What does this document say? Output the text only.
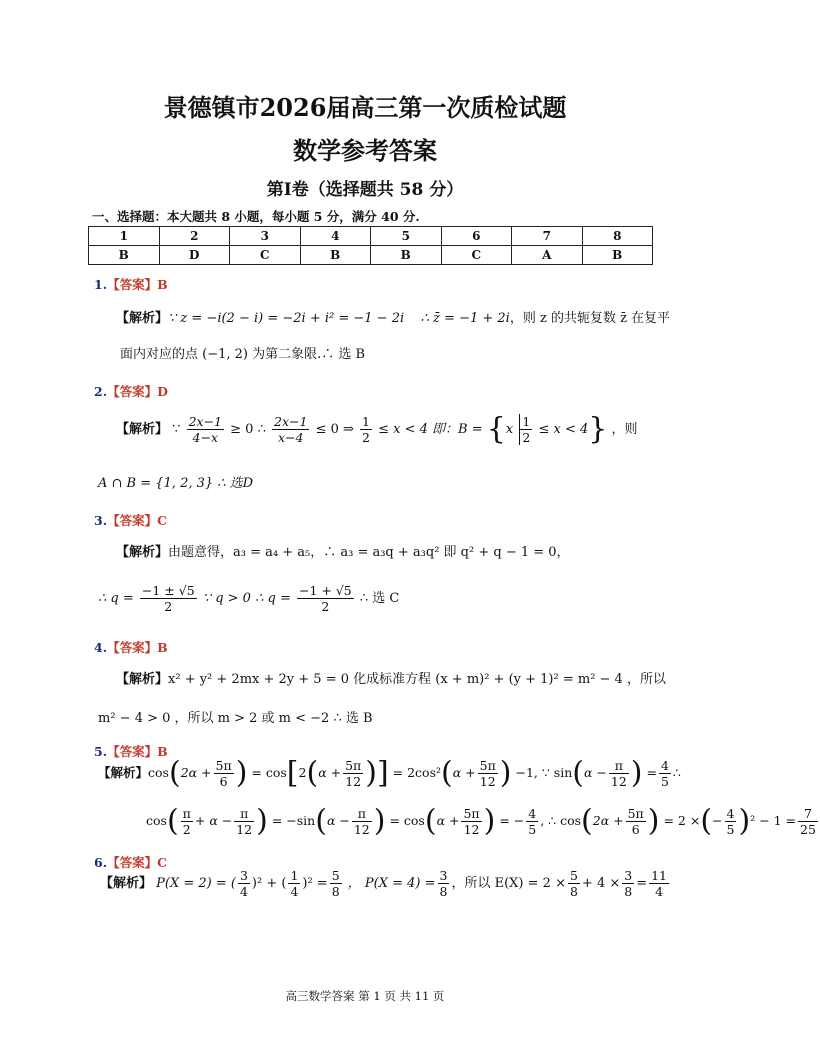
景德镇市2026届高三第一次质检试题
数学参考答案
第Ⅰ卷（选择题共 58 分）
一、选择题：本大题共 8 小题，每小题 5 分，满分 40 分.
1	2	3	4	5	6	7	8
B	D	C	B	B	C	A	B
1.【答案】B
【解析】∵ z = −i(2 − i) = −2i + i² = −1 − 2i ∴ z̄ = −1 + 2i，则 z 的共轭复数 z̄ 在复平
面内对应的点 (−1, 2) 为第二象限.∴ 选 B
2.【答案】D
【解析】 ∵ $\frac{2x-1}{4-x} \ge 0$ ∴ $\frac{2x-1}{x-4} \le 0$ ⇒ $\frac{1}{2} \le x < 4$ 即：$B = \{x \frac{1}{2} \le x < 4\}$ ，则
A ∩ B = {1, 2, 3} ∴ 选D
3.【答案】C
【解析】由题意得，a₃ = a₄ + a₅，∴ a₃ = a₃q + a₃q² 即 q² + q − 1 = 0，
∴ $q = \frac{-1 \pm √5}{2}$ ∵ q > 0 ∴ $q = \frac{-1 + √5}{2}$ ∴ 选 C
4.【答案】B
【解析】x² + y² + 2mx + 2y + 5 = 0 化成标准方程 (x + m)² + (y + 1)² = m² − 4 ，所以
m² − 4 > 0 ，所以 m > 2 或 m < −2 ∴ 选 B
5.【答案】B
【解析】$\cos(2\alpha + \frac{5\pi}{6}$ ) = $\cos[2(\alpha + \frac{5\pi}{12}$ )] = $2\cos^2(\alpha + \frac{5\pi}{12}$ ) −1, ∵ $\sin(\alpha - \frac{\pi}{12}$ ) = $\frac{4}{5}$ ∴
$\cos( \frac{\pi}{2} + \alpha - \frac{\pi}{12}$ ) = $-\sin(\alpha - \frac{\pi}{12}$ ) = $\cos(\alpha + \frac{5\pi}{12}$ ) = − $\frac{4}{5}$ , ∴ $\cos(2\alpha + \frac{5\pi}{6}$ ) = 2 ×(− $\frac{4}{5} )^2 - 1 = \frac{7}{25}$
6.【答案】C
【解析】 P(X = 2) = ( $\frac{3}{4} )^2$ + ( $\frac{1}{4} )^2 = \frac{5}{8}$ ， $P(X = 4) = \frac{3}{8}$ ，所以 $E(X) = 2 \times \frac{5}{8} + 4 \times \frac{3}{8} = \frac{11}{4}$
高三数学答案 第 1 页 共 11 页
